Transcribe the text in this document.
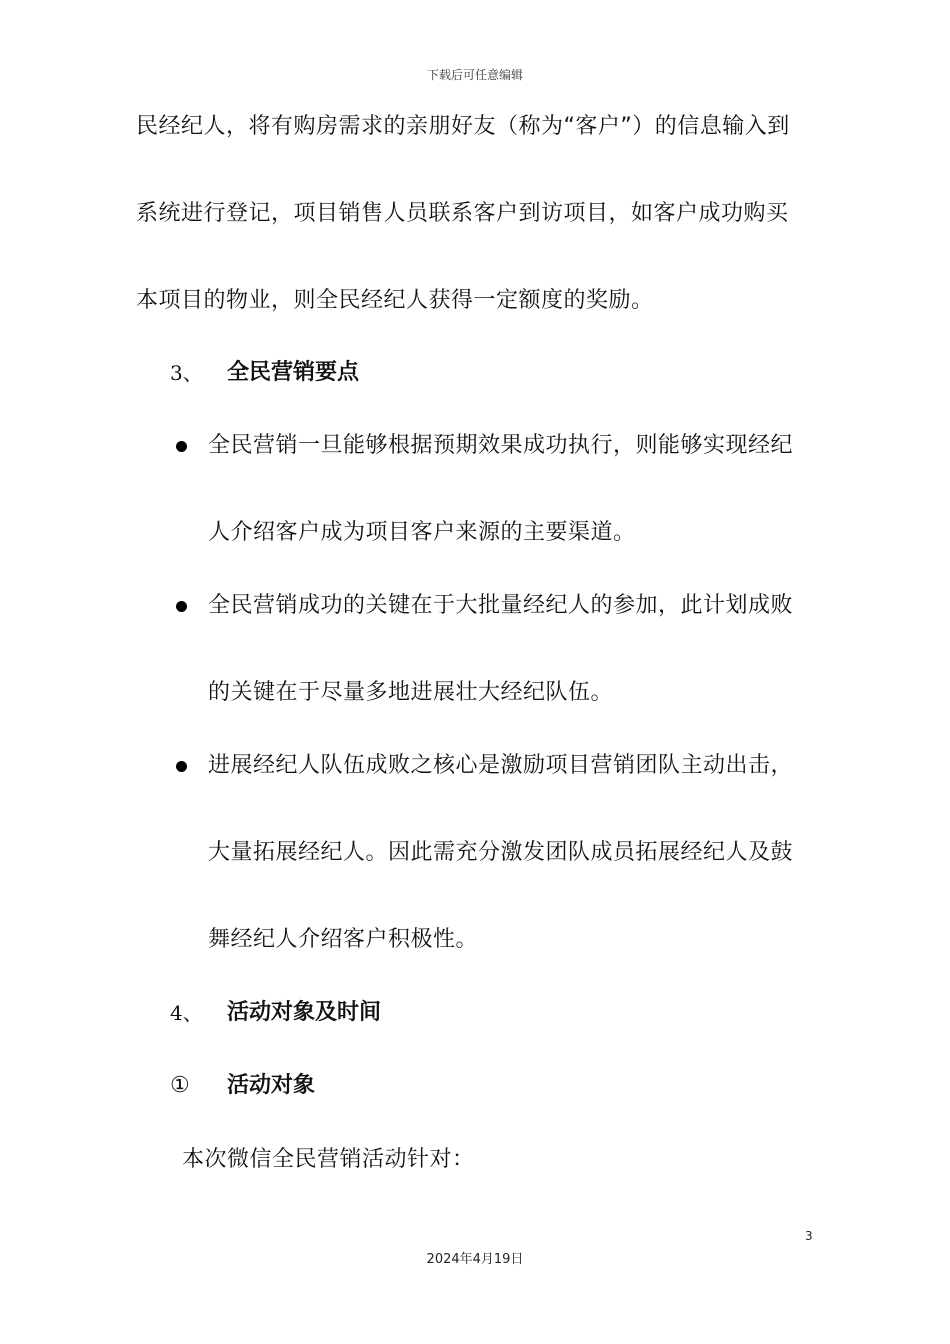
下载后可任意编辑
民经纪人，将有购房需求的亲朋好友（称为“客户”）的信息输入到
系统进行登记，项目销售人员联系客户到访项目，如客户成功购买
本项目的物业，则全民经纪人获得一定额度的奖励。
3、 全民营销要点
全民营销一旦能够根据预期效果成功执行，则能够实现经纪
人介绍客户成为项目客户来源的主要渠道。
全民营销成功的关键在于大批量经纪人的参加，此计划成败
的关键在于尽量多地进展壮大经纪队伍。
进展经纪人队伍成败之核心是激励项目营销团队主动出击，
大量拓展经纪人。因此需充分激发团队成员拓展经纪人及鼓
舞经纪人介绍客户积极性。
4、 活动对象及时间
① 活动对象
本次微信全民营销活动针对：
3
2024年4月19日
